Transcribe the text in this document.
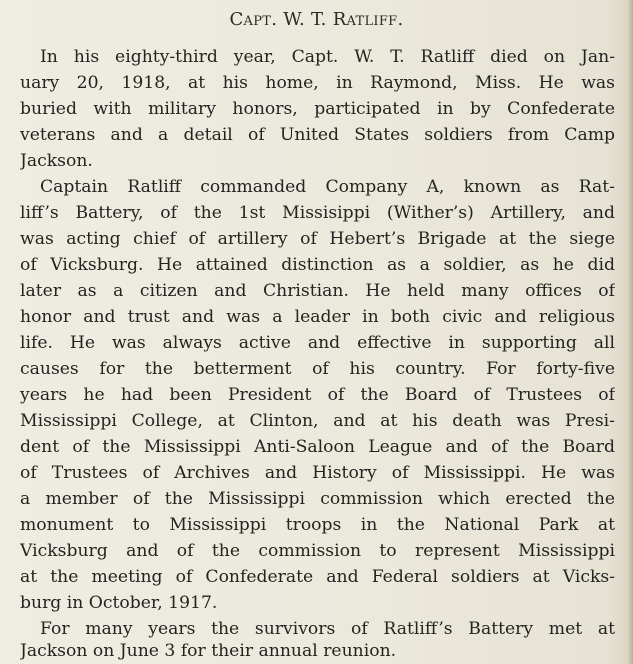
Capt. W. T. Ratliff.
In his eighty-third year, Capt. W. T. Ratliff died on Jan-
uary 20, 1918, at his home, in Raymond, Miss. He was
buried with military honors, participated in by Confederate
veterans and a detail of United States soldiers from Camp
Jackson.
Captain Ratliff commanded Company A, known as Rat-
liff’s Battery, of the 1st Missisippi (Wither’s) Artillery, and
was acting chief of artillery of Hebert’s Brigade at the siege
of Vicksburg. He attained distinction as a soldier, as he did
later as a citizen and Christian. He held many offices of
honor and trust and was a leader in both civic and religious
life. He was always active and effective in supporting all
causes for the betterment of his country. For forty-five
years he had been President of the Board of Trustees of
Mississippi College, at Clinton, and at his death was Presi-
dent of the Mississippi Anti-Saloon League and of the Board
of Trustees of Archives and History of Mississippi. He was
a member of the Mississippi commission which erected the
monument to Mississippi troops in the National Park at
Vicksburg and of the commission to represent Mississippi
at the meeting of Confederate and Federal soldiers at Vicks-
burg in October, 1917.
For many years the survivors of Ratliff’s Battery met at
Jackson on June 3 for their annual reunion.
